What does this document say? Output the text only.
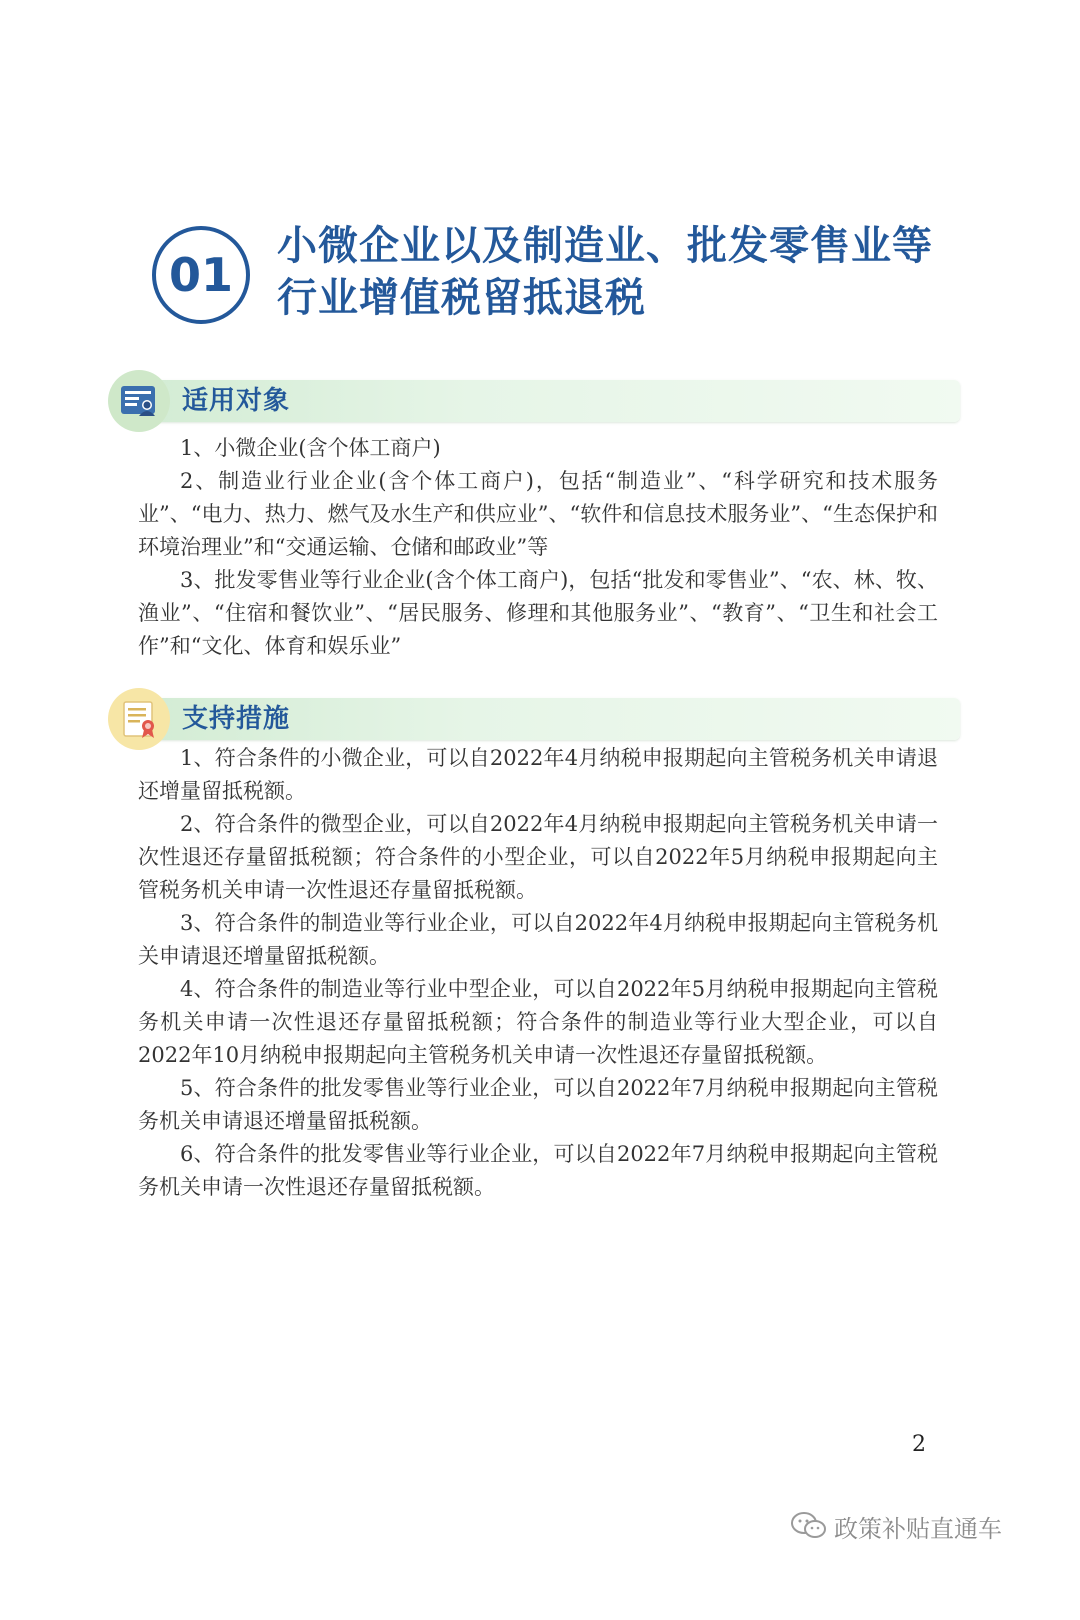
01
小微企业以及制造业、批发零售业等
行业增值税留抵退税
适用对象

1、小微企业(含个体工商户)

2、制造业行业企业(含个体工商户)，包括“制造业”、“科学研究和技术服务业”、“电力、热力、燃气及水生产和供应业”、“软件和信息技术服务业”、“生态保护和环境治理业”和“交通运输、仓储和邮政业”等

3、批发零售业等行业企业(含个体工商户)，包括“批发和零售业”、“农、林、牧、渔业”、“住宿和餐饮业”、“居民服务、修理和其他服务业”、“教育”、“卫生和社会工作”和“文化、体育和娱乐业”

支持措施

1、符合条件的小微企业，可以自2022年4月纳税申报期起向主管税务机关申请退还增量留抵税额。

2、符合条件的微型企业，可以自2022年4月纳税申报期起向主管税务机关申请一次性退还存量留抵税额；符合条件的小型企业，可以自2022年5月纳税申报期起向主管税务机关申请一次性退还存量留抵税额。

3、符合条件的制造业等行业企业，可以自2022年4月纳税申报期起向主管税务机关申请退还增量留抵税额。

4、符合条件的制造业等行业中型企业，可以自2022年5月纳税申报期起向主管税务机关申请一次性退还存量留抵税额；符合条件的制造业等行业大型企业，可以自2022年10月纳税申报期起向主管税务机关申请一次性退还存量留抵税额。

5、符合条件的批发零售业等行业企业，可以自2022年7月纳税申报期起向主管税务机关申请退还增量留抵税额。

6、符合条件的批发零售业等行业企业，可以自2022年7月纳税申报期起向主管税务机关申请一次性退还存量留抵税额。

2
政策补贴直通车
